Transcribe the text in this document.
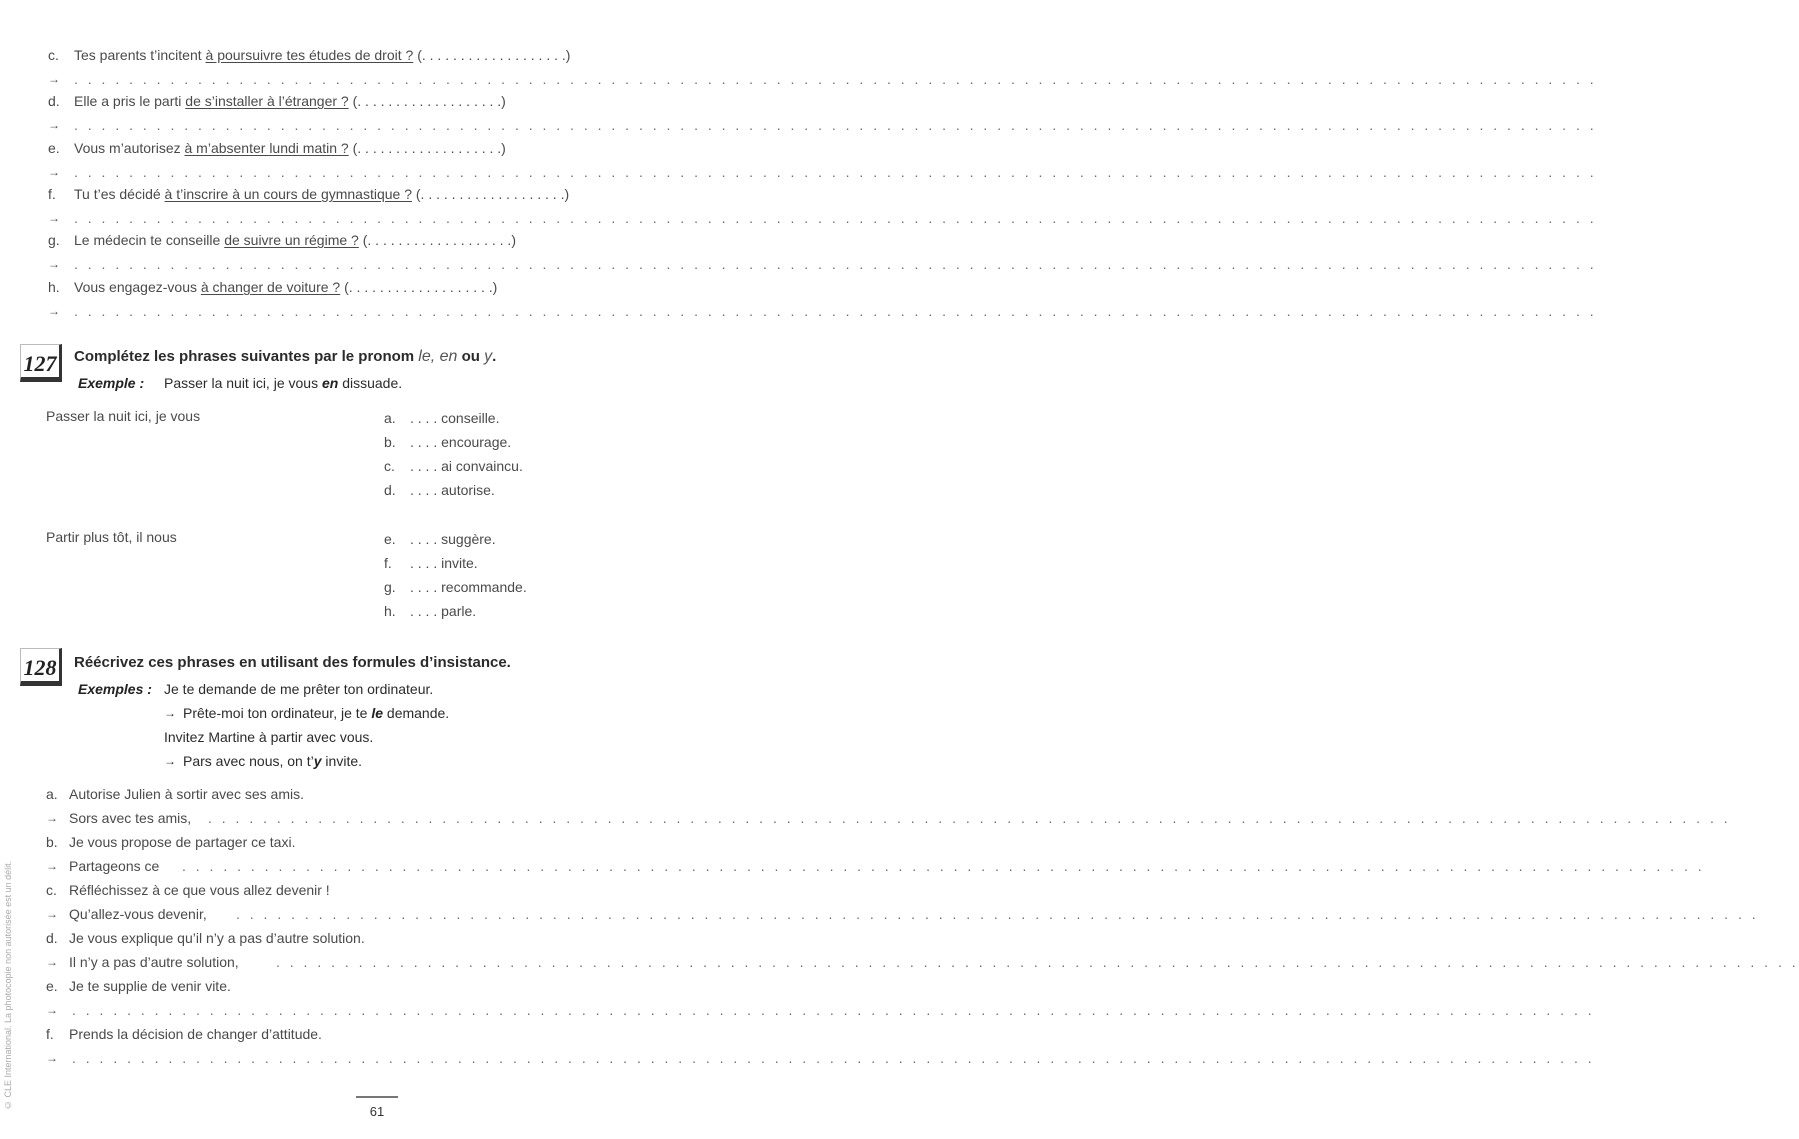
c.	Tes parents t’incitent à poursuivre tes études de droit ? (. . . . . . . . . . . . . . . . . . .)
→	. . . . . . . . . . . . . . . . . . . . . . . . . . . . . . . . . . . . . . . . . . . . . . . . . . . . . . . . . . . . . . . . . . . . . . . . . . . . . . . . . . . . . . . . . . . . . . . . . . . . . . . . . . . . . . .
d.	Elle a pris le parti de s’installer à l’étranger ? (. . . . . . . . . . . . . . . . . . .)
→	. . . . . . . . . . . . . . . . . . . . . . . . . . . . . . . . . . . . . . . . . . . . . . . . . . . . . . . . . . . . . . . . . . . . . . . . . . . . . . . . . . . . . . . . . . . . . . . . . . . . . . . . . . . . . . .
e.	Vous m’autorisez à m’absenter lundi matin ? (. . . . . . . . . . . . . . . . . . .)
→	. . . . . . . . . . . . . . . . . . . . . . . . . . . . . . . . . . . . . . . . . . . . . . . . . . . . . . . . . . . . . . . . . . . . . . . . . . . . . . . . . . . . . . . . . . . . . . . . . . . . . . . . . . . . . . .
f.	Tu t’es décidé à t’inscrire à un cours de gymnastique ? (. . . . . . . . . . . . . . . . . . .)
→	. . . . . . . . . . . . . . . . . . . . . . . . . . . . . . . . . . . . . . . . . . . . . . . . . . . . . . . . . . . . . . . . . . . . . . . . . . . . . . . . . . . . . . . . . . . . . . . . . . . . . . . . . . . . . . .
g.	Le médecin te conseille de suivre un régime ? (. . . . . . . . . . . . . . . . . . .)
→	. . . . . . . . . . . . . . . . . . . . . . . . . . . . . . . . . . . . . . . . . . . . . . . . . . . . . . . . . . . . . . . . . . . . . . . . . . . . . . . . . . . . . . . . . . . . . . . . . . . . . . . . . . . . . . .
h.	Vous engagez-vous à changer de voiture ? (. . . . . . . . . . . . . . . . . . .)
→	. . . . . . . . . . . . . . . . . . . . . . . . . . . . . . . . . . . . . . . . . . . . . . . . . . . . . . . . . . . . . . . . . . . . . . . . . . . . . . . . . . . . . . . . . . . . . . . . . . . . . . . . . . . . . . .
127	Complétez les phrases suivantes par le pronom le, en ou y.
Exemple : Passer la nuit ici, je vous en dissuade.
Passer la nuit ici, je vous
Partir plus tôt, il nous
a.	. . . . conseille.
b.	. . . . encourage.
c.	. . . . ai convaincu.
d.	. . . . autorise.
e.	. . . . suggère.
f.	. . . . invite.
g.	. . . . recommande.
h.	. . . . parle.
128	Réécrivez ces phrases en utilisant des formules d’insistance.
Exemples : Je te demande de me prêter ton ordinateur.
→ Prête-moi ton ordinateur, je te le demande.
Invitez Martine à partir avec vous.
→ Pars avec nous, on t’y invite.
a. Autorise Julien à sortir avec ses amis.
→ Sors avec tes amis, . . . . . . . . . . . . . . . . . . . . . . . . . . . . . . . . . . . . . . . . . . . . . . . . . . . . . . . . . . . . . . . . . . . . . . . . . . . . . . . . . . . . . . . . . . . . . . . . . . . . . . . . . . . . . . .
b. Je vous propose de partager ce taxi.
→ Partageons ce . . . . . . . . . . . . . . . . . . . . . . . . . . . . . . . . . . . . . . . . . . . . . . . . . . . . . . . . . . . . . . . . . . . . . . . . . . . . . . . . . . . . . . . . . . . . . . . . . . . . . . . . . . . . . . .
c. Réfléchissez à ce que vous allez devenir !
→ Qu’allez-vous devenir, . . . . . . . . . . . . . . . . . . . . . . . . . . . . . . . . . . . . . . . . . . . . . . . . . . . . . . . . . . . . . . . . . . . . . . . . . . . . . . . . . . . . . . . . . . . . . . . . . . . . . . . . . . . . . . .
d. Je vous explique qu’il n’y a pas d’autre solution.
→ Il n’y a pas d’autre solution,	. . . . . . . . . . . . . . . . . . . . . . . . . . . . . . . . . . . . . . . . . . . . . . . . . . . . . . . . . . . . . . . . . . . . . . . . . . . . . . . . . . . . . . . . . . . . . . . . . . . . . . . . . . . . . . .
e. Je te supplie de venir vite.
→	. . . . . . . . . . . . . . . . . . . . . . . . . . . . . . . . . . . . . . . . . . . . . . . . . . . . . . . . . . . . . . . . . . . . . . . . . . . . . . . . . . . . . . . . . . . . . . . . . . . . . . . . . . . . . . .
f.	Prends la décision de changer d’attitude.
→	. . . . . . . . . . . . . . . . . . . . . . . . . . . . . . . . . . . . . . . . . . . . . . . . . . . . . . . . . . . . . . . . . . . . . . . . . . . . . . . . . . . . . . . . . . . . . . . . . . . . . . . . . . . . . . .
© CLE International. La photocopie non autorisée est un délit.
61
